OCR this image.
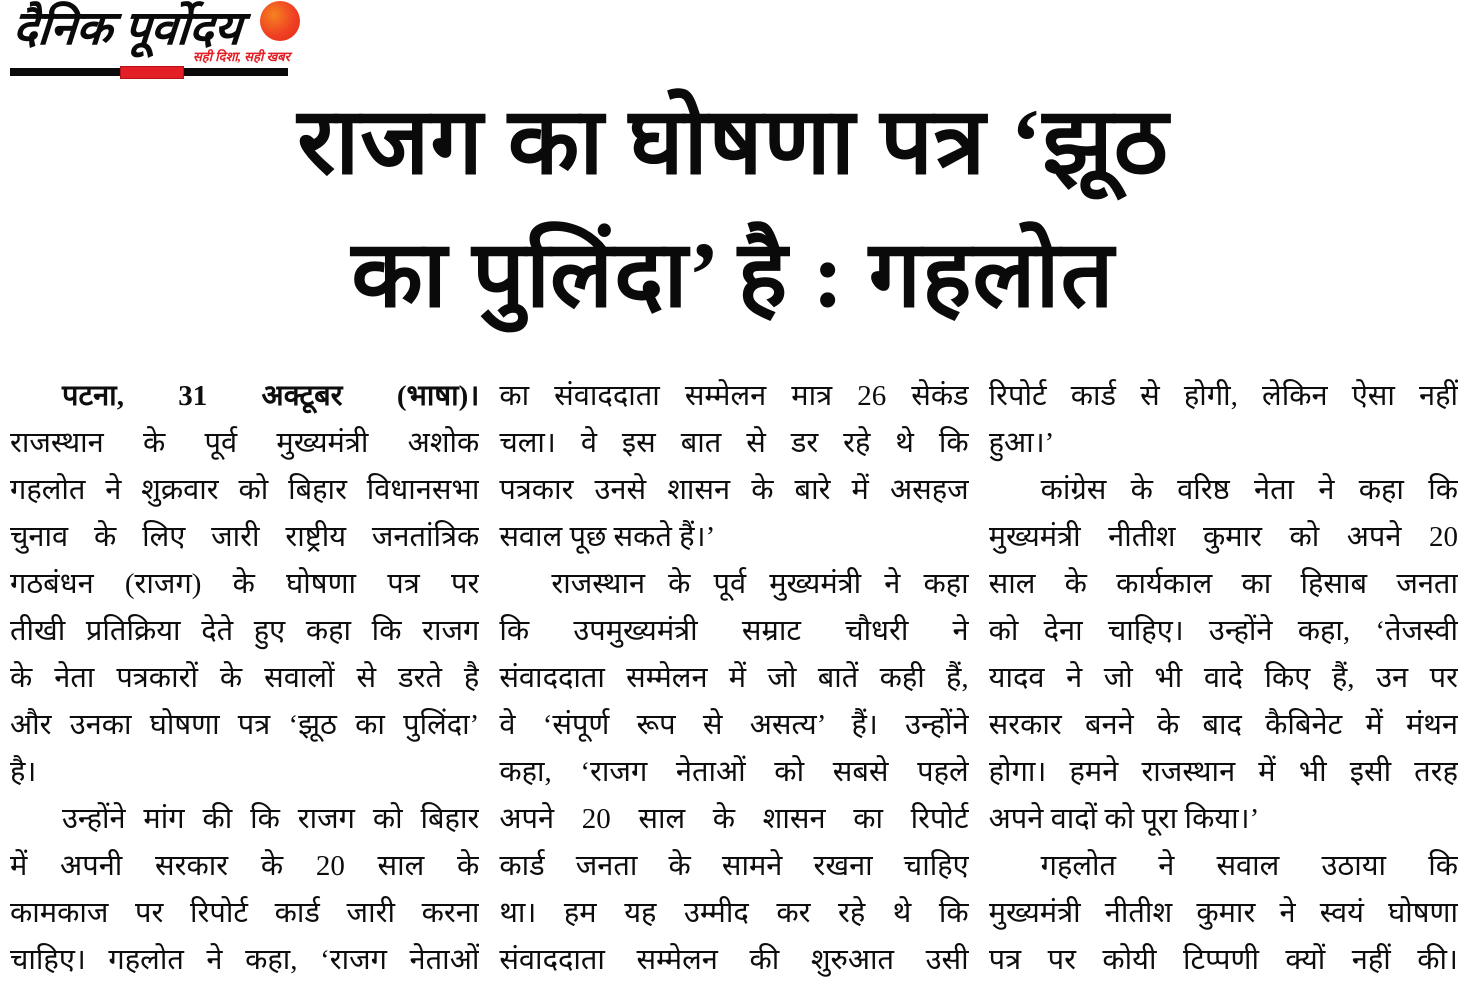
दैनिक पूर्वोदय
सही दिशा, सही खबर
राजग का घोषणा पत्र ‘झूठ
का पुलिंदा’ है : गहलोत
पटना, 31 अक्टूबर (भाषा)।
राजस्थान के पूर्व मुख्यमंत्री अशोक
गहलोत ने शुक्रवार को बिहार विधानसभा
चुनाव के लिए जारी राष्ट्रीय जनतांत्रिक
गठबंधन (राजग) के घोषणा पत्र पर
तीखी प्रतिक्रिया देते हुए कहा कि राजग
के नेता पत्रकारों के सवालों से डरते है
और उनका घोषणा पत्र ‘झूठ का पुलिंदा’
है।
उन्होंने मांग की कि राजग को बिहार
में अपनी सरकार के 20 साल के
कामकाज पर रिपोर्ट कार्ड जारी करना
चाहिए। गहलोत ने कहा, ‘राजग नेताओं
का संवाददाता सम्मेलन मात्र 26 सेकंड
चला। वे इस बात से डर रहे थे कि
पत्रकार उनसे शासन के बारे में असहज
सवाल पूछ सकते हैं।’
राजस्थान के पूर्व मुख्यमंत्री ने कहा
कि उपमुख्यमंत्री सम्राट चौधरी ने
संवाददाता सम्मेलन में जो बातें कही हैं,
वे ‘संपूर्ण रूप से असत्य’ हैं। उन्होंने
कहा, ‘राजग नेताओं को सबसे पहले
अपने 20 साल के शासन का रिपोर्ट
कार्ड जनता के सामने रखना चाहिए
था। हम यह उम्मीद कर रहे थे कि
संवाददाता सम्मेलन की शुरुआत उसी
रिपोर्ट कार्ड से होगी, लेकिन ऐसा नहीं
हुआ।’
कांग्रेस के वरिष्ठ नेता ने कहा कि
मुख्यमंत्री नीतीश कुमार को अपने 20
साल के कार्यकाल का हिसाब जनता
को देना चाहिए। उन्होंने कहा, ‘तेजस्वी
यादव ने जो भी वादे किए हैं, उन पर
सरकार बनने के बाद कैबिनेट में मंथन
होगा। हमने राजस्थान में भी इसी तरह
अपने वादों को पूरा किया।’
गहलोत ने सवाल उठाया कि
मुख्यमंत्री नीतीश कुमार ने स्वयं घोषणा
पत्र पर कोयी टिप्पणी क्यों नहीं की।
